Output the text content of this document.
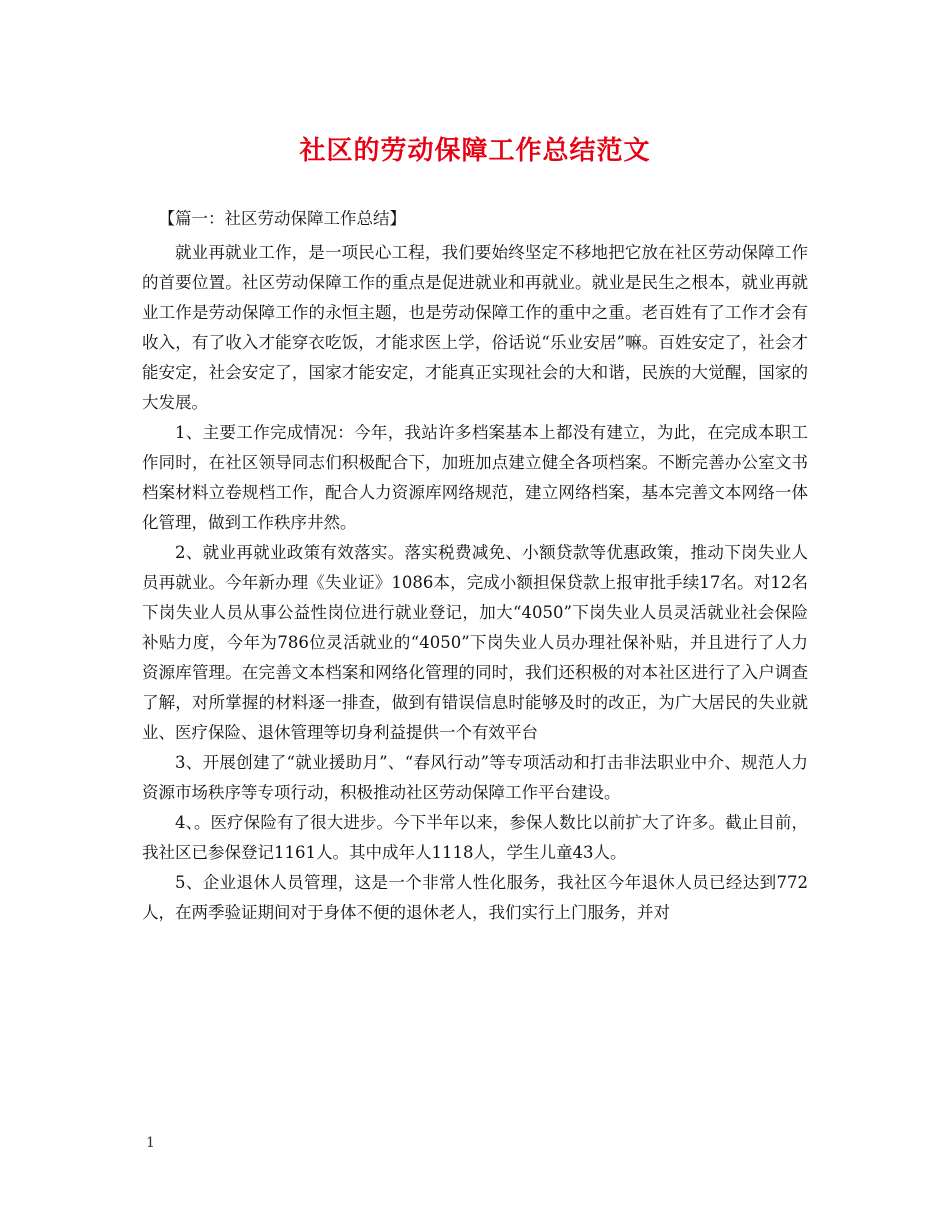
社区的劳动保障工作总结范文

【篇一：社区劳动保障工作总结】

就业再就业工作，是一项民心工程，我们要始终坚定不移地把它放在社区劳动保障工作的首要位置。社区劳动保障工作的重点是促进就业和再就业。就业是民生之根本，就业再就业工作是劳动保障工作的永恒主题，也是劳动保障工作的重中之重。老百姓有了工作才会有收入，有了收入才能穿衣吃饭，才能求医上学，俗话说“乐业安居”嘛。百姓安定了，社会才能安定，社会安定了，国家才能安定，才能真正实现社会的大和谐，民族的大觉醒，国家的大发展。

1、主要工作完成情况：今年，我站许多档案基本上都没有建立，为此，在完成本职工作同时，在社区领导同志们积极配合下，加班加点建立健全各项档案。不断完善办公室文书档案材料立卷规档工作，配合人力资源库网络规范，建立网络档案，基本完善文本网络一体化管理，做到工作秩序井然。

2、就业再就业政策有效落实。落实税费减免、小额贷款等优惠政策，推动下岗失业人员再就业。今年新办理《失业证》1086本，完成小额担保贷款上报审批手续17名。对12名下岗失业人员从事公益性岗位进行就业登记，加大“4050”下岗失业人员灵活就业社会保险补贴力度，今年为786位灵活就业的“4050”下岗失业人员办理社保补贴，并且进行了人力资源库管理。在完善文本档案和网络化管理的同时，我们还积极的对本社区进行了入户调查了解，对所掌握的材料逐一排查，做到有错误信息时能够及时的改正，为广大居民的失业就业、医疗保险、退休管理等切身利益提供一个有效平台

3、开展创建了“就业援助月”、“春风行动”等专项活动和打击非法职业中介、规范人力资源市场秩序等专项行动，积极推动社区劳动保障工作平台建设。

4、。医疗保险有了很大进步。今下半年以来，参保人数比以前扩大了许多。截止目前，我社区已参保登记1161人。其中成年人1118人，学生儿童43人。

5、企业退休人员管理，这是一个非常人性化服务，我社区今年退休人员已经达到772人，在两季验证期间对于身体不便的退休老人，我们实行上门服务，并对

1
